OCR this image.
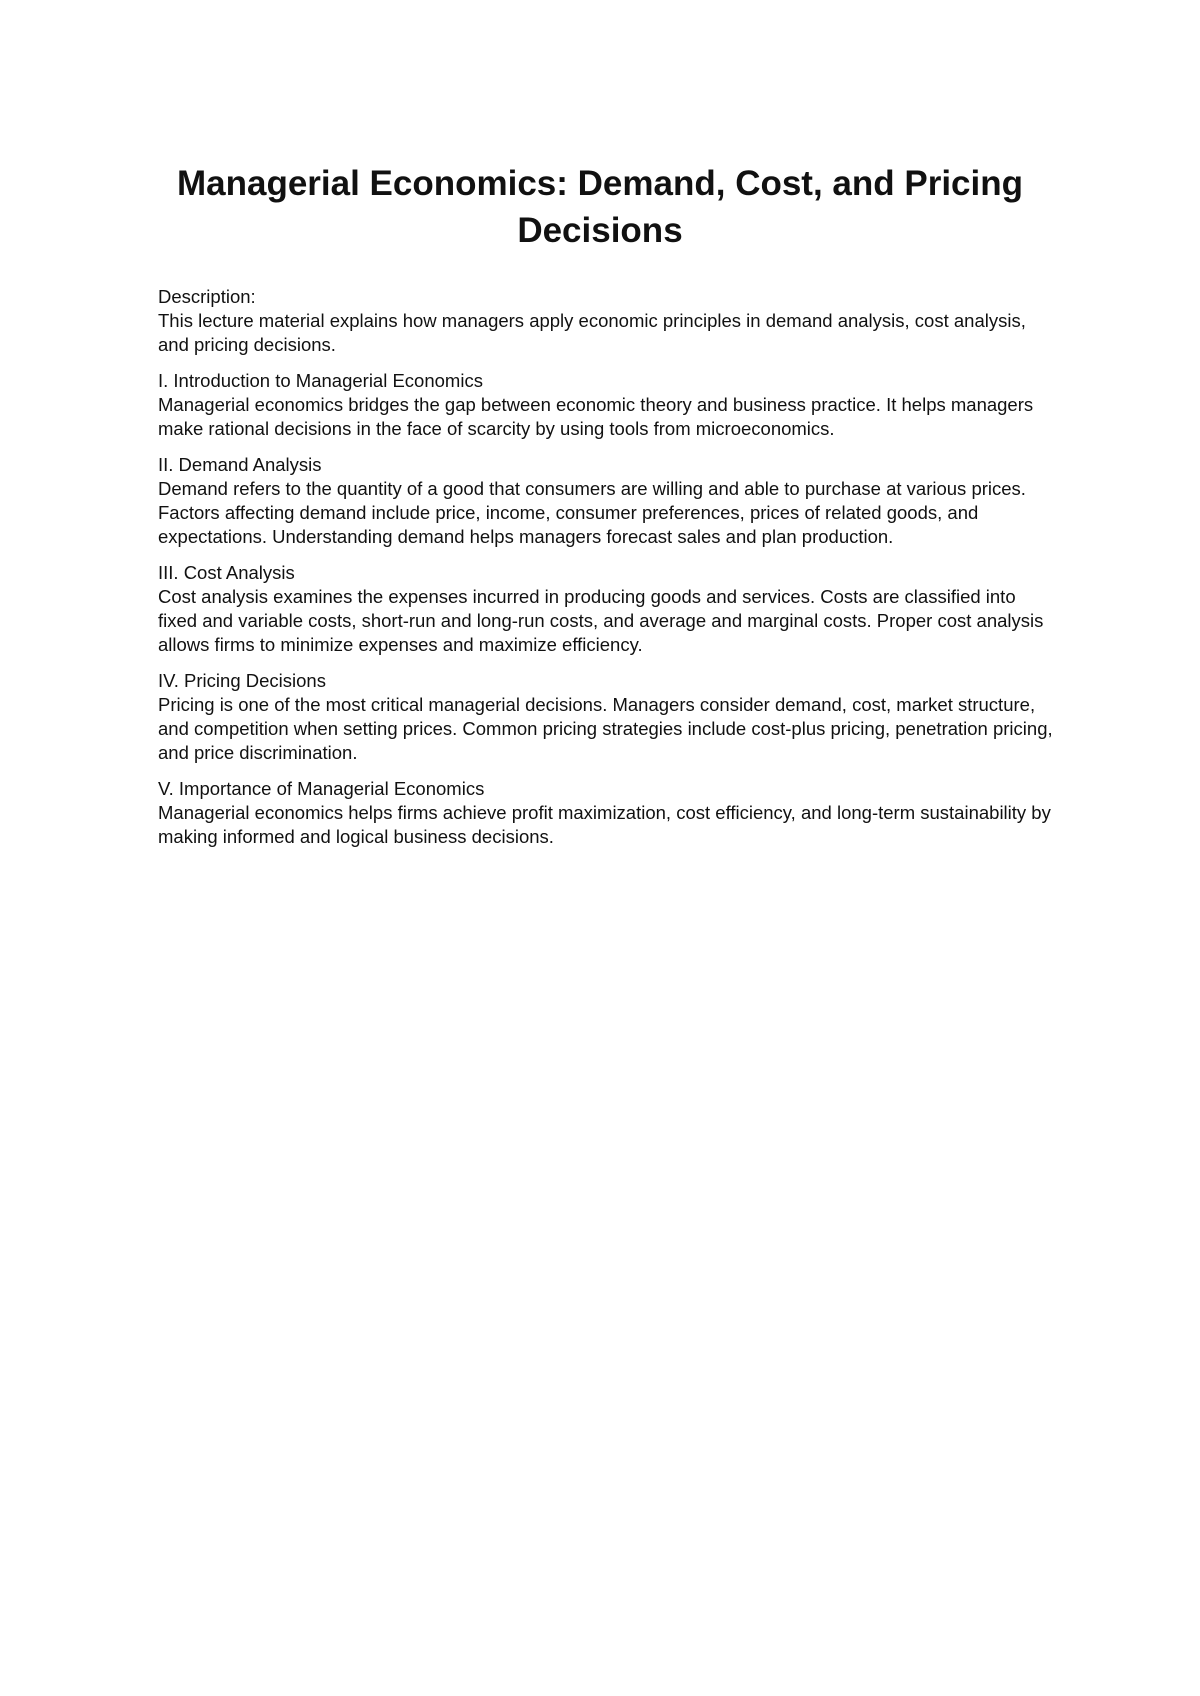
Managerial Economics: Demand, Cost, and Pricing Decisions
Description:
This lecture material explains how managers apply economic principles in demand analysis, cost analysis, and pricing decisions.
I. Introduction to Managerial Economics
Managerial economics bridges the gap between economic theory and business practice. It helps managers make rational decisions in the face of scarcity by using tools from microeconomics.
II. Demand Analysis
Demand refers to the quantity of a good that consumers are willing and able to purchase at various prices. Factors affecting demand include price, income, consumer preferences, prices of related goods, and expectations. Understanding demand helps managers forecast sales and plan production.
III. Cost Analysis
Cost analysis examines the expenses incurred in producing goods and services. Costs are classified into fixed and variable costs, short-run and long-run costs, and average and marginal costs. Proper cost analysis allows firms to minimize expenses and maximize efficiency.
IV. Pricing Decisions
Pricing is one of the most critical managerial decisions. Managers consider demand, cost, market structure, and competition when setting prices. Common pricing strategies include cost-plus pricing, penetration pricing, and price discrimination.
V. Importance of Managerial Economics
Managerial economics helps firms achieve profit maximization, cost efficiency, and long-term sustainability by making informed and logical business decisions.
